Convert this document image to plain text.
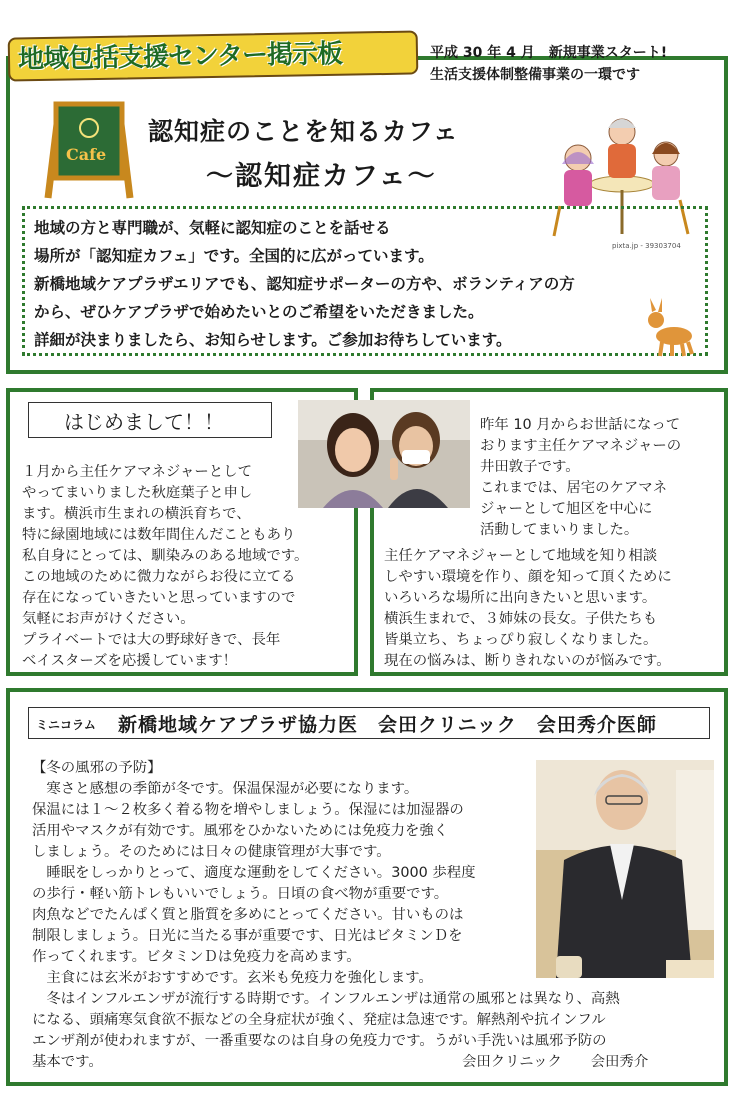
地域包括支援センター掲示板	平成 30 年 4 月　新規事業スタート!
生活支援体制整備事業の一環です
Cafe
認知症のことを知るカフェ
～認知症カフェ～
pixta.jp - 39303704
地域の方と専門職が、気軽に認知症のことを話せる
場所が「認知症カフェ」です。全国的に広がっています。
新橋地域ケアプラザエリアでも、認知症サポーターの方や、ボランティアの方
から、ぜひケアプラザで始めたいとのご希望をいただきました。
詳細が決まりましたら、お知らせします。ご参加お待ちしています。
はじめまして！！
１月から主任ケアマネジャーとして
やってまいりました秋庭葉子と申し
ます。横浜市生まれの横浜育ちで、
特に緑園地域には数年間住んだこともあり
私自身にとっては、馴染みのある地域です。
この地域のために微力ながらお役に立てる
存在になっていきたいと思っていますので
気軽にお声がけください。
プライベートでは大の野球好きで、長年
ベイスターズを応援しています！
昨年 10 月からお世話になって
おります主任ケアマネジャーの
井田敦子です。
これまでは、居宅のケアマネ
ジャーとして旭区を中心に
活動してまいりました。
主任ケアマネジャーとして地域を知り相談
しやすい環境を作り、顔を知って頂くために
いろいろな場所に出向きたいと思います。
横浜生まれで、３姉妹の長女。子供たちも
皆巣立ち、ちょっぴり寂しくなりました。
現在の悩みは、断りきれないのが悩みです。
ミニコラム 新橋地域ケアプラザ協力医　会田クリニック　会田秀介医師
【冬の風邪の予防】
　寒さと感想の季節が冬です。保温保湿が必要になります。
保温には１～２枚多く着る物を増やしましょう。保湿には加湿器の
活用やマスクが有効です。風邪をひかないためには免疫力を強く
しましょう。そのためには日々の健康管理が大事です。
　睡眠をしっかりとって、適度な運動をしてください。3000 歩程度
の歩行・軽い筋トレもいいでしょう。日頃の食べ物が重要です。
肉魚などでたんぱく質と脂質を多めにとってください。甘いものは
制限しましょう。日光に当たる事が重要です、日光はビタミンＤを
作ってくれます。ビタミンＤは免疫力を高めます。
　主食には玄米がおすすめです。玄米も免疫力を強化します。
　冬はインフルエンザが流行する時期です。インフルエンザは通常の風邪とは異なり、高熱
になる、頭痛寒気食欲不振などの全身症状が強く、発症は急速です。解熱剤や抗インフル
エンザ剤が使われますが、一番重要なのは自身の免疫力です。うがい手洗いは風邪予防の
基本です。	会田クリニック　　会田秀介
